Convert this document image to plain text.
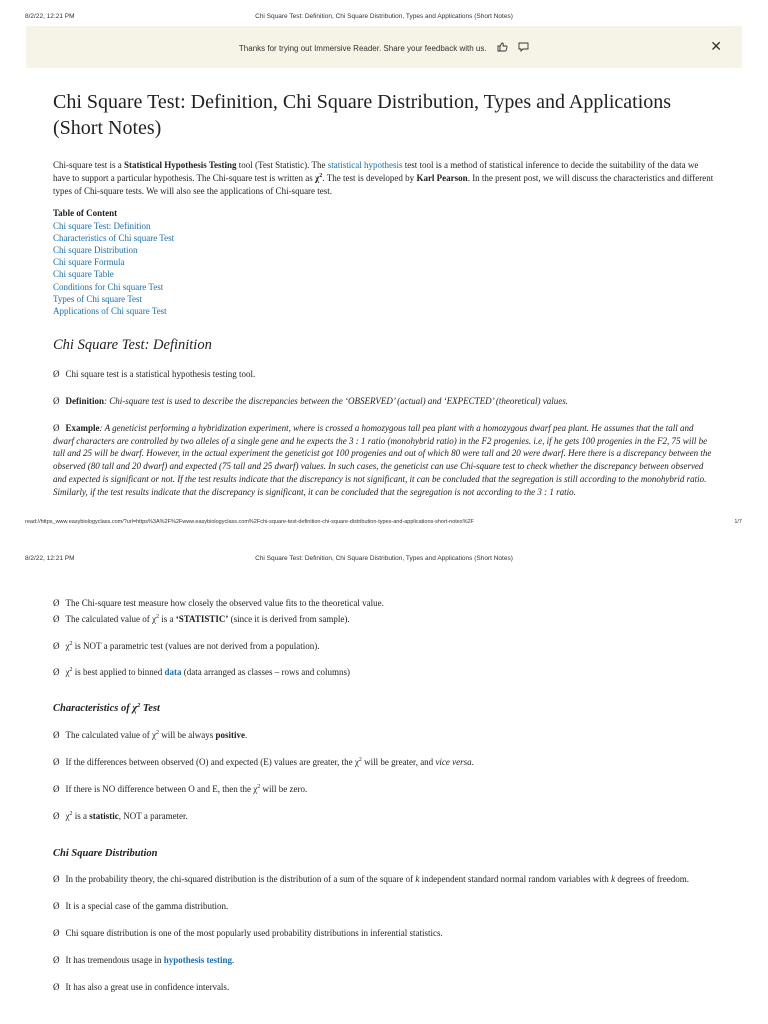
8/2/22, 12:21 PM	Chi Square Test: Definition, Chi Square Distribution, Types and Applications (Short Notes)
Thanks for trying out Immersive Reader. Share your feedback with us.	✕
Chi Square Test: Definition, Chi Square Distribution, Types and Applications (Short Notes)

Chi-square test is a Statistical Hypothesis Testing tool (Test Statistic). The statistical hypothesis test tool is a method of statistical inference to decide the suitability of the data we have to support a particular hypothesis. The Chi-square test is written as $\chi^2$. The test is developed by Karl Pearson. In the present post, we will discuss the characteristics and different types of Chi-square tests. We will also see the applications of Chi-square test.

Table of Content
Chi square Test: Definition
Characteristics of Chi square Test
Chi square Distribution
Chi square Formula
Chi square Table
Conditions for Chi square Test
Types of Chi square Test
Applications of Chi square Test
Chi Square Test: Definition

Ø Chi square test is a statistical hypothesis testing tool.

Ø Definition: Chi-square test is used to describe the discrepancies between the ‘OBSERVED’ (actual) and ‘EXPECTED’ (theoretical) values.

Ø Example: A geneticist performing a hybridization experiment, where is crossed a homozygous tall pea plant with a homozygous dwarf pea plant. He assumes that the tall and dwarf characters are controlled by two alleles of a single gene and he expects the 3 : 1 ratio (monohybrid ratio) in the F2 progenies. i.e, if he gets 100 progenies in the F2, 75 will be tall and 25 will be dwarf. However, in the actual experiment the geneticist got 100 progenies and out of which 80 were tall and 20 were dwarf. Here there is a discrepancy between the observed (80 tall and 20 dwarf) and expected (75 tall and 25 dwarf) values. In such cases, the geneticist can use Chi-square test to check whether the discrepancy between observed and expected is significant or not. If the test results indicate that the discrepancy is not significant, it can be concluded that the segregation is still according to the monohybrid ratio. Similarly, if the test results indicate that the discrepancy is significant, it can be concluded that the segregation is not according to the 3 : 1 ratio.

read://https_www.easybiologyclass.com/?url=https%3A%2F%2Fwww.easybiologyclass.com%2Fchi-square-test-definition-chi-square-distribution-types-and-applications-short-notes%2F	1/7
8/2/22, 12:21 PM	Chi Square Test: Definition, Chi Square Distribution, Types and Applications (Short Notes)

Ø The Chi-square test measure how closely the observed value fits to the theoretical value.

Ø The calculated value of $\chi^2$ is a ‘STATISTIC’ (since it is derived from sample).

Ø $\chi^2$ is NOT a parametric test (values are not derived from a population).

Ø $\chi^2$ is best applied to binned data (data arranged as classes – rows and columns)

Characteristics of $\chi^2$ Test

Ø The calculated value of $\chi^2$ will be always positive.

Ø If the differences between observed (O) and expected (E) values are greater, the $\chi^2$ will be greater, and vice versa.

Ø If there is NO difference between O and E, then the $\chi^2$ will be zero.

Ø $\chi^2$ is a statistic, NOT a parameter.

Chi Square Distribution

Ø In the probability theory, the chi-squared distribution is the distribution of a sum of the square of k independent standard normal random variables with k degrees of freedom.

Ø It is a special case of the gamma distribution.

Ø Chi square distribution is one of the most popularly used probability distributions in inferential statistics.

Ø It has tremendous usage in hypothesis testing.

Ø It has also a great use in confidence intervals.
